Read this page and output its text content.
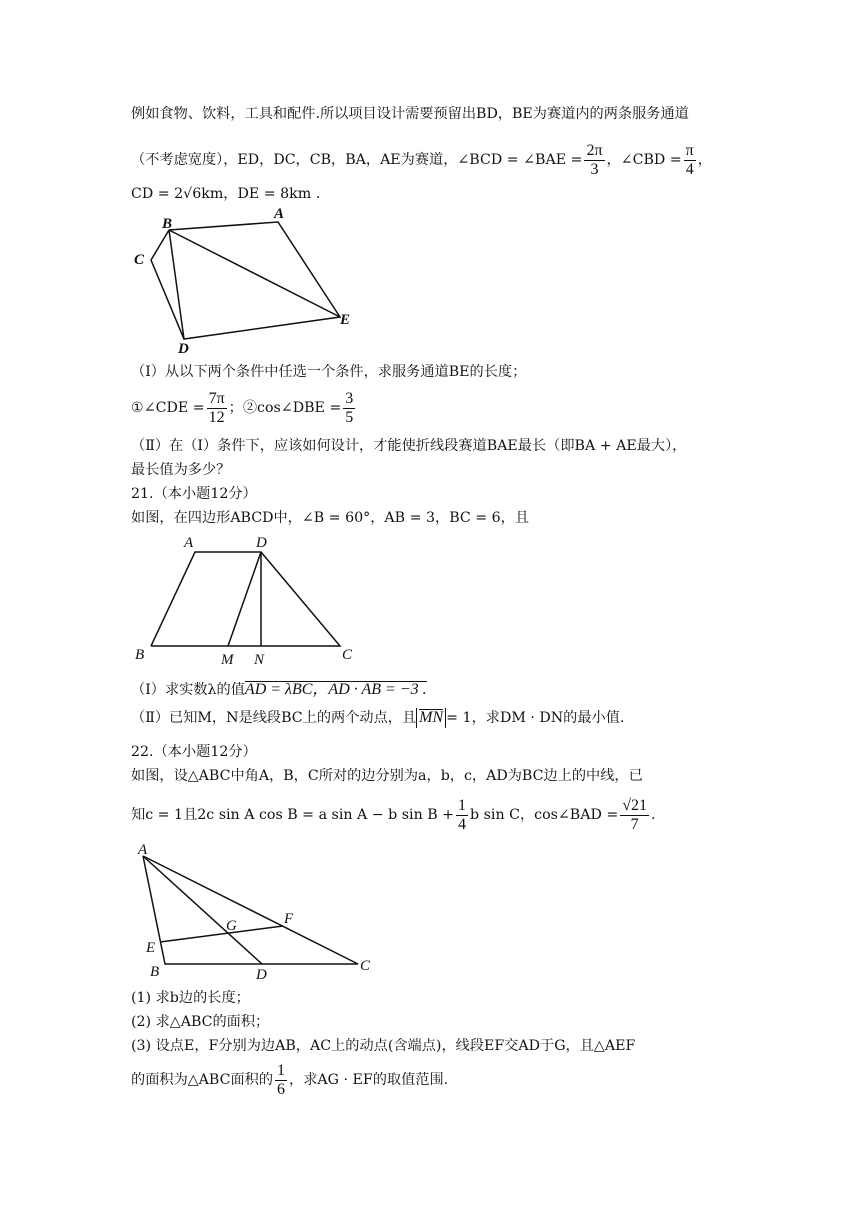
例如食物、饮料，工具和配件.所以项目设计需要预留出BD，BE为赛道内的两条服务通道
（不考虑宽度），ED，DC，CB，BA，AE为赛道，∠BCD = ∠BAE = $\frac{2\pi}{3}$ ，∠CBD = $\frac{\pi}{4}$ ，
CD = 2√6km，DE = 8km .
B
A
C
D
E
（Ⅰ）从以下两个条件中任选一个条件，求服务通道BE的长度；
①∠CDE = $\frac{7\pi}{12}$ ；②cos∠DBE = $\frac{3}{5}$
（Ⅱ）在（Ⅰ）条件下，应该如何设计，才能使折线段赛道BAE最长（即BA + AE最大），
最长值为多少？
21.（本小题12分）
如图，在四边形ABCD中，∠B = 60°，AB = 3，BC = 6，且
A	D
B	M N	C
（I）求实数λ的值AD = λBC，AD · AB = −3 .
（Ⅱ）已知M，N是线段BC上的两个动点，且 MN = 1，求DM · DN的最小值.
22.（本小题12分）
如图，设△ABC中角A，B，C所对的边分别为a，b，c，AD为BC边上的中线，已
知c = 1且2c sin A cos B = a sin A − b $\sin B + \frac{1}{4}$ b sin C，cos∠BAD = $\frac{√21}{7}$ .
A
E
B
G	F
D
C
(1) 求b边的长度；
(2) 求△ABC的面积；
(3) 设点E，F分别为边AB，AC上的动点(含端点)，线段EF交AD于G，且△AEF
的面积为△ABC面积的 $\frac{1}{6}$ ，求AG · EF的取值范围.
